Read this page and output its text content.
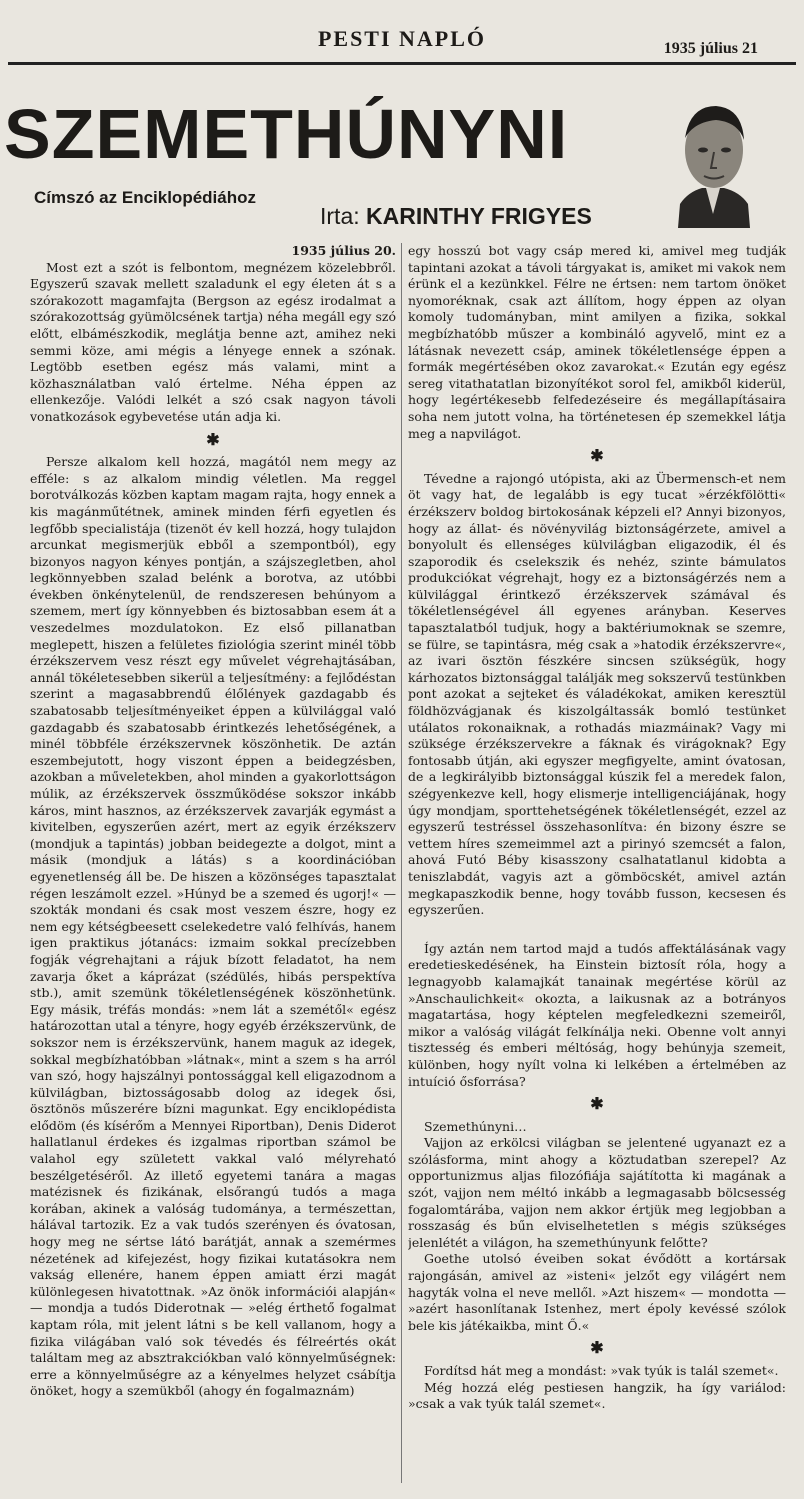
PESTI NAPLÓ	1935 július 21
SZEMETHÚNYNI
Címszó az Enciklopédiához
Irta: KARINTHY FRIGYES

1935 július 20.

Most ezt a szót is felbontom, megnézem közelebbről. Egyszerű szavak mellett szaladunk el egy életen át s a szórakozott magamfajta (Bergson az egész irodalmat a szórakozottság gyümölcsének tartja) néha megáll egy szó előtt, elbámészkodik, meglátja benne azt, amihez neki semmi köze, ami mégis a lényege ennek a szónak. Legtöbb esetben egész más valami, mint a közhasználatban való értelme. Néha éppen az ellenkezője. Valódi lelkét a szó csak nagyon távoli vonatkozások egybevetése után adja ki.

✱

Persze alkalom kell hozzá, magától nem megy az efféle: s az alkalom mindig véletlen. Ma reggel borotválkozás közben kaptam magam rajta, hogy ennek a kis magánműtétnek, aminek minden férfi egyetlen és legfőbb specialistája (tizenöt év kell hozzá, hogy tulajdon arcunkat megismerjük ebből a szempontból), egy bizonyos nagyon kényes pontján, a szájszegletben, ahol legkönnyebben szalad belénk a borotva, az utóbbi években önkénytelenül, de rendszeresen behúnyom a szemem, mert így könnyebben és biztosabban esem át a veszedelmes mozdulatokon. Ez első pillanatban meglepett, hiszen a felületes fiziológia szerint minél több érzékszervem vesz részt egy művelet végrehajtásában, annál tökéletesebben sikerül a teljesítmény: a fejlődéstan szerint a magasabbrendű élőlények gazdagabb és szabatosabb teljesítményeiket éppen a külvilággal való gazdagabb és szabatosabb érintkezés lehetőségének, a minél többféle érzékszervnek köszönhetik. De aztán eszembejutott, hogy viszont éppen a beidegzésben, azokban a műveletekben, ahol minden a gyakorlottságon múlik, az érzékszervek összműködése sokszor inkább káros, mint hasznos, az érzékszervek zavarják egymást a kivitelben, egyszerűen azért, mert az egyik érzékszerv (mondjuk a tapintás) jobban beidegezte a dolgot, mint a másik (mondjuk a látás) s a koordinációban egyenetlenség áll be. De hiszen a közönséges tapasztalat régen leszámolt ezzel. »Húnyd be a szemed és ugorj!« — szokták mondani és csak most veszem észre, hogy ez nem egy kétségbeesett cselekedetre való felhívás, hanem igen praktikus jótanács: izmaim sokkal precízebben fogják végrehajtani a rájuk bízott feladatot, ha nem zavarja őket a káprázat (szédülés, hibás perspektíva stb.), amit szemünk tökéletlenségének köszönhetünk. Egy másik, tréfás mondás: »nem lát a szemétől« egész határozottan utal a tényre, hogy egyéb érzékszervünk, de sokszor nem is érzékszervünk, hanem maguk az idegek, sokkal megbízhatóbban »látnak«, mint a szem s ha arról van szó, hogy hajszálnyi pontossággal kell eligazodnom a külvilágban, biztosságosabb dolog az idegek ősi, ösztönös műszerére bízni magunkat. Egy enciklopédista elődöm (és kísérőm a Mennyei Riportban), Denis Diderot hallatlanul érdekes és izgalmas riportban számol be valahol egy született vakkal való mélyreható beszélgetéséről. Az illető egyetemi tanára a magas matézisnek és fizikának, elsőrangú tudós a maga korában, akinek a valóság tudománya, a természettan, hálával tartozik. Ez a vak tudós szerényen és óvatosan, hogy meg ne sértse látó barátját, annak a szemérmes nézetének ad kifejezést, hogy fizikai kutatásokra nem vakság ellenére, hanem éppen amiatt érzi magát különlegesen hivatottnak. »Az önök információi alapján« — mondja a tudós Diderotnak — »elég érthető fogalmat kaptam róla, mit jelent látni s be kell vallanom, hogy a fizika világában való sok tévedés és félreértés okát találtam meg az absztrakciókban való könnyelműségnek: erre a könnyelműségre az a kényelmes helyzet csábítja önöket, hogy a szemükből (ahogy én fogalmaznám)

egy hosszú bot vagy csáp mered ki, amivel meg tudják tapintani azokat a távoli tárgyakat is, amiket mi vakok nem érünk el a kezünkkel. Félre ne értsen: nem tartom önöket nyomoréknak, csak azt állítom, hogy éppen az olyan komoly tudományban, mint amilyen a fizika, sokkal megbízhatóbb műszer a kombináló agyvelő, mint ez a látásnak nevezett csáp, aminek tökéletlensége éppen a formák megértésében okoz zavarokat.« Ezután egy egész sereg vitathatatlan bizonyítékot sorol fel, amikből kiderül, hogy legértékesebb felfedezéseire és megállapításaira soha nem jutott volna, ha történetesen ép szemekkel látja meg a napvilágot.

✱

Tévedne a rajongó utópista, aki az Übermensch-et nem öt vagy hat, de legalább is egy tucat »érzékfölötti« érzékszerv boldog birtokosának képzeli el? Annyi bizonyos, hogy az állat- és növényvilág biztonságérzete, amivel a bonyolult és ellenséges külvilágban eligazodik, él és szaporodik és cselekszik és nehéz, szinte bámulatos produkciókat végrehajt, hogy ez a biztonságérzés nem a külvilággal érintkező érzékszervek számával és tökéletlenségével áll egyenes arányban. Keserves tapasztalatból tudjuk, hogy a baktériumoknak se szemre, se fülre, se tapintásra, még csak a »hatodik érzékszervre«, az ivari ösztön fészkére sincsen szükségük, hogy kárhozatos biztonsággal találják meg sokszervű testünkben pont azokat a sejteket és váladékokat, amiken keresztül földhözvágjanak és kiszolgáltassák bomló testünket utálatos rokonaiknak, a rothadás miazmáinak? Vagy mi szüksége érzékszervekre a fáknak és virágoknak? Egy fontosabb útján, aki egyszer megfigyelte, amint óvatosan, de a legkirályibb biztonsággal kúszik fel a meredek falon, szégyenkezve kell, hogy elismerje intelligenciájának, hogy úgy mondjam, sporttehetségének tökéletlenségét, ezzel az egyszerű testréssel összehasonlítva: én bizony észre se vettem híres szemeimmel azt a pirinyó szemcsét a falon, ahová Futó Béby kisasszony csalhatatlanul kidobta a teniszlabdát, vagyis azt a gömböcskét, amivel aztán megkapaszkodik benne, hogy tovább fusson, kecsesen és egyszerűen.

Így aztán nem tartod majd a tudós affektálásának vagy eredetieskedésének, ha Einstein biztosít róla, hogy a legnagyobb kalamajkát tanainak megértése körül az »Anschaulichkeit« okozta, a laikusnak az a botrányos magatartása, hogy képtelen megfeledkezni szemeiről, mikor a valóság világát felkínálja neki. Obenne volt annyi tisztesség és emberi méltóság, hogy behúnyja szemeit, különben, hogy nyílt volna ki lelkében a értelmében az intuíció ősforrása?

✱

Szemethúnyni…

Vajjon az erkölcsi világban se jelentené ugyanazt ez a szólásforma, mint ahogy a köztudatban szerepel? Az opportunizmus aljas filozófiája sajátította ki magának a szót, vajjon nem méltó inkább a legmagasabb bölcsesség fogalomtárába, vajjon nem akkor értjük meg legjobban a rosszaság és bűn elviselhetetlen s mégis szükséges jelenlétét a világon, ha szemethúnyunk felőtte?

Goethe utolsó éveiben sokat évődött a kortársak rajongásán, amivel az »isteni« jelzőt egy világért nem hagyták volna el neve mellől. »Azt hiszem« — mondotta — »azért hasonlítanak Istenhez, mert époly kevéssé szólok bele kis játékaikba, mint Ő.«

✱

Fordítsd hát meg a mondást: »vak tyúk is talál szemet«.

Még hozzá elég pestiesen hangzik, ha így variálod: »csak a vak tyúk talál szemet«.
